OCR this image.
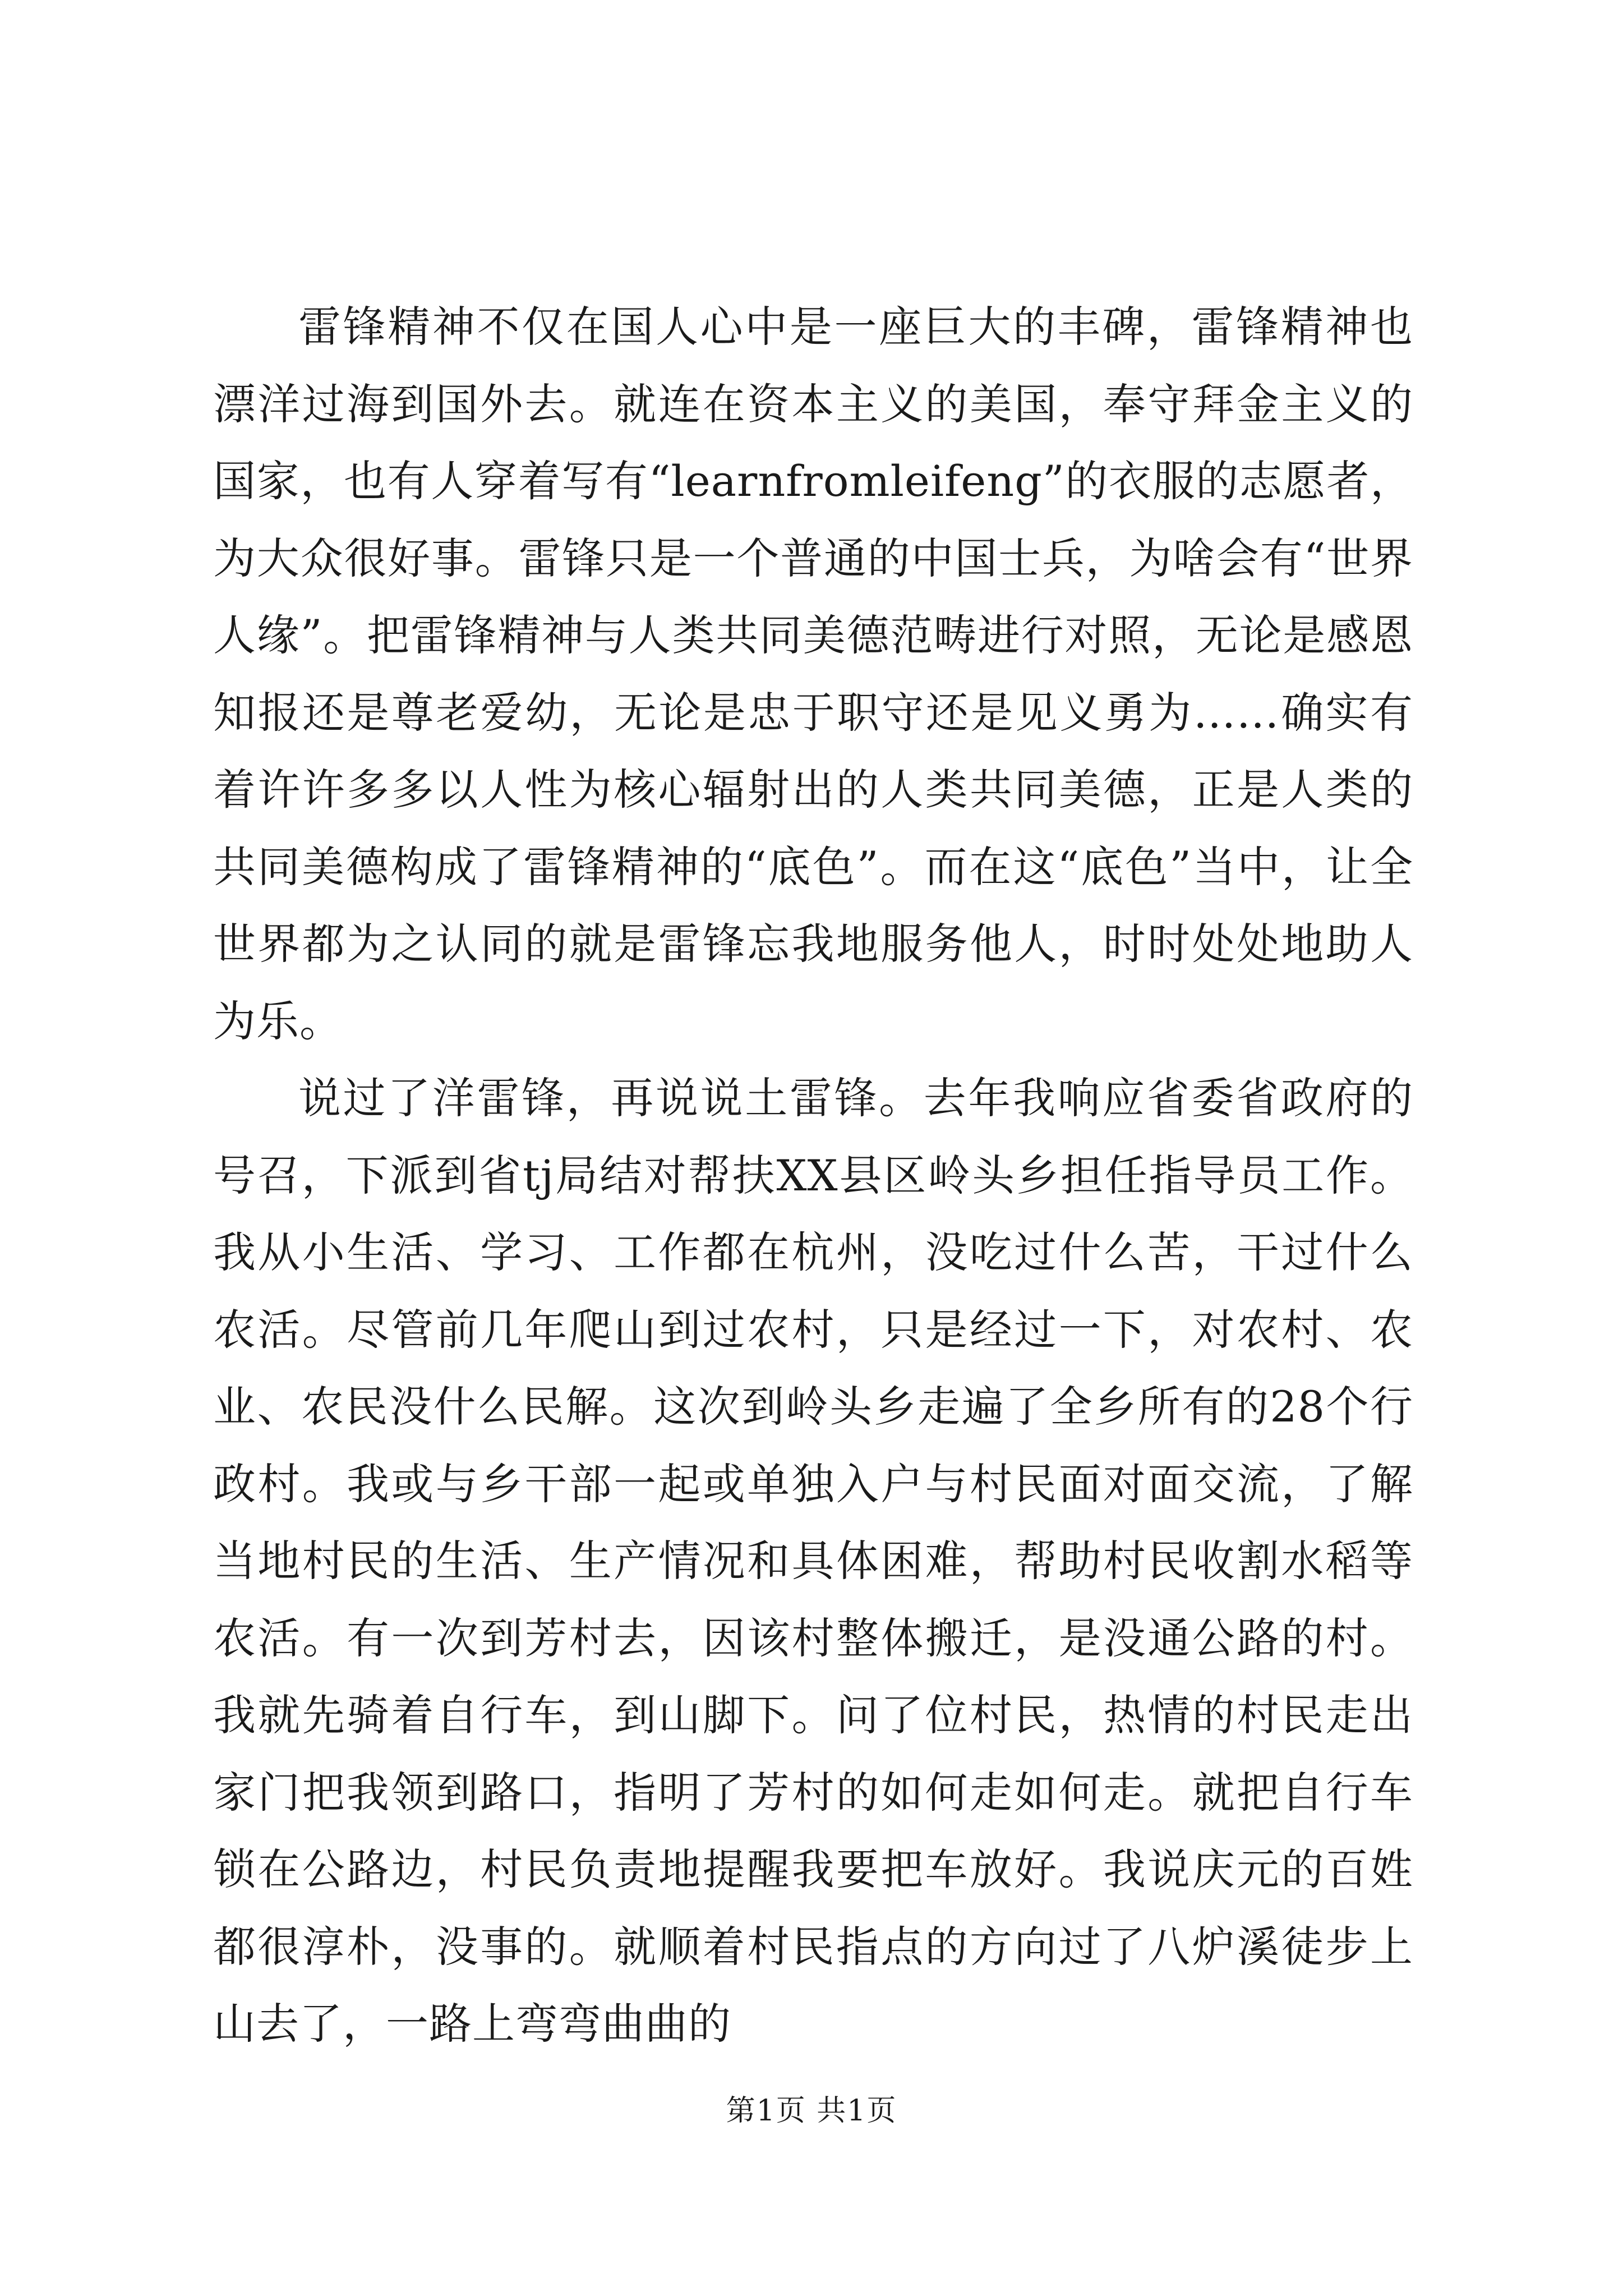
雷锋精神不仅在国人心中是一座巨大的丰碑，雷锋精神也漂洋过海到国外去。就连在资本主义的美国，奉守拜金主义的国家，也有人穿着写有“learnfromleifeng”的衣服的志愿者，为大众很好事。雷锋只是一个普通的中国士兵，为啥会有“世界人缘”。把雷锋精神与人类共同美德范畴进行对照，无论是感恩知报还是尊老爱幼，无论是忠于职守还是见义勇为……确实有着许许多多以人性为核心辐射出的人类共同美德，正是人类的共同美德构成了雷锋精神的“底色”。而在这“底色”当中，让全世界都为之认同的就是雷锋忘我地服务他人，时时处处地助人为乐。

说过了洋雷锋，再说说土雷锋。去年我响应省委省政府的号召，下派到省tj局结对帮扶XX县区岭头乡担任指导员工作。我从小生活、学习、工作都在杭州，没吃过什么苦，干过什么农活。尽管前几年爬山到过农村，只是经过一下，对农村、农业、农民没什么民解。这次到岭头乡走遍了全乡所有的28个行政村。我或与乡干部一起或单独入户与村民面对面交流，了解当地村民的生活、生产情况和具体困难，帮助村民收割水稻等农活。有一次到芳村去，因该村整体搬迁，是没通公路的村。我就先骑着自行车，到山脚下。问了位村民，热情的村民走出家门把我领到路口，指明了芳村的如何走如何走。就把自行车锁在公路边，村民负责地提醒我要把车放好。我说庆元的百姓都很淳朴，没事的。就顺着村民指点的方向过了八炉溪徒步上山去了，一路上弯弯曲曲的

第1页 共1页
